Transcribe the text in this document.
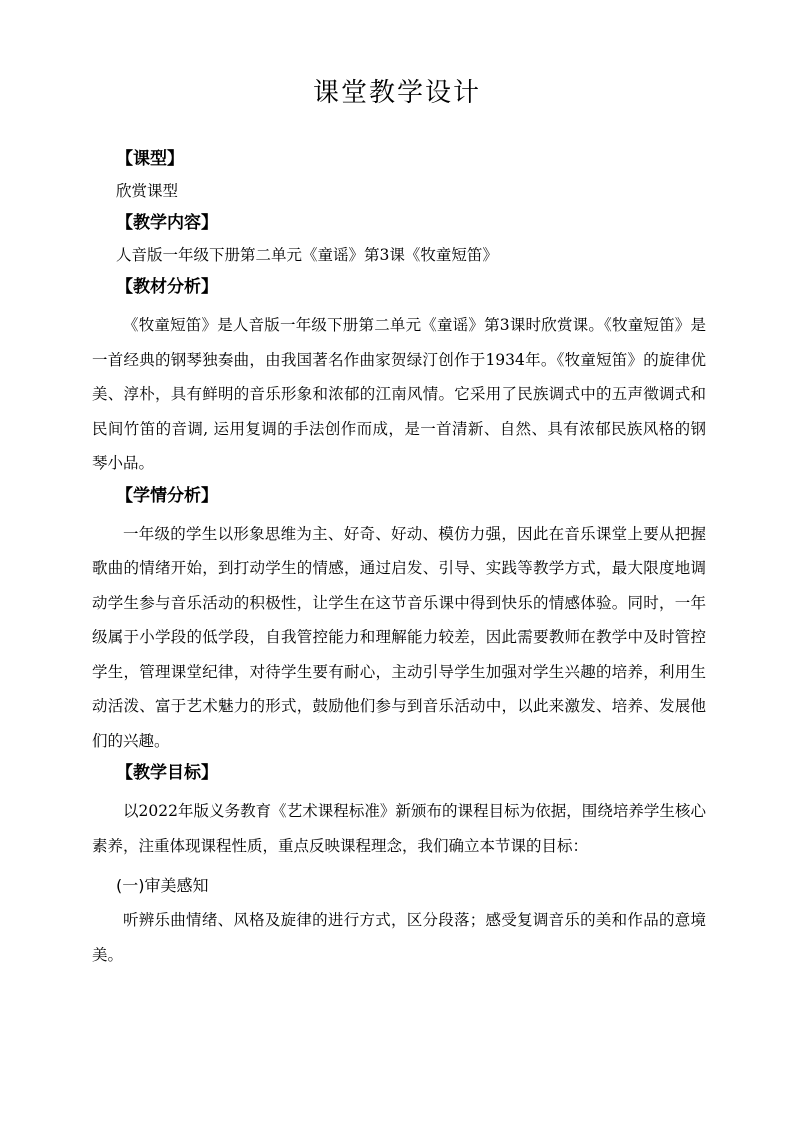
课堂教学设计

【课型】

欣赏课型

【教学内容】

人音版一年级下册第二单元《童谣》第3课《牧童短笛》

【教材分析】

《牧童短笛》是人音版一年级下册第二单元《童谣》第3课时欣赏课。《牧童短笛》是一首经典的钢琴独奏曲，由我国著名作曲家贺绿汀创作于1934年。《牧童短笛》的旋律优美、淳朴，具有鲜明的音乐形象和浓郁的江南风情。它采用了民族调式中的五声徵调式和民间竹笛的音调, 运用复调的手法创作而成，是一首清新、自然、具有浓郁民族风格的钢琴小品。

【学情分析】

一年级的学生以形象思维为主、好奇、好动、模仿力强，因此在音乐课堂上要从把握歌曲的情绪开始，到打动学生的情感，通过启发、引导、实践等教学方式，最大限度地调动学生参与音乐活动的积极性，让学生在这节音乐课中得到快乐的情感体验。同时，一年级属于小学段的低学段，自我管控能力和理解能力较差，因此需要教师在教学中及时管控学生，管理课堂纪律，对待学生要有耐心，主动引导学生加强对学生兴趣的培养，利用生动活泼、富于艺术魅力的形式，鼓励他们参与到音乐活动中，以此来激发、培养、发展他们的兴趣。

【教学目标】

以2022年版义务教育《艺术课程标准》新颁布的课程目标为依据，围绕培养学生核心素养，注重体现课程性质，重点反映课程理念，我们确立本节课的目标：

(一)审美感知

听辨乐曲情绪、风格及旋律的进行方式，区分段落；感受复调音乐的美和作品的意境美。
